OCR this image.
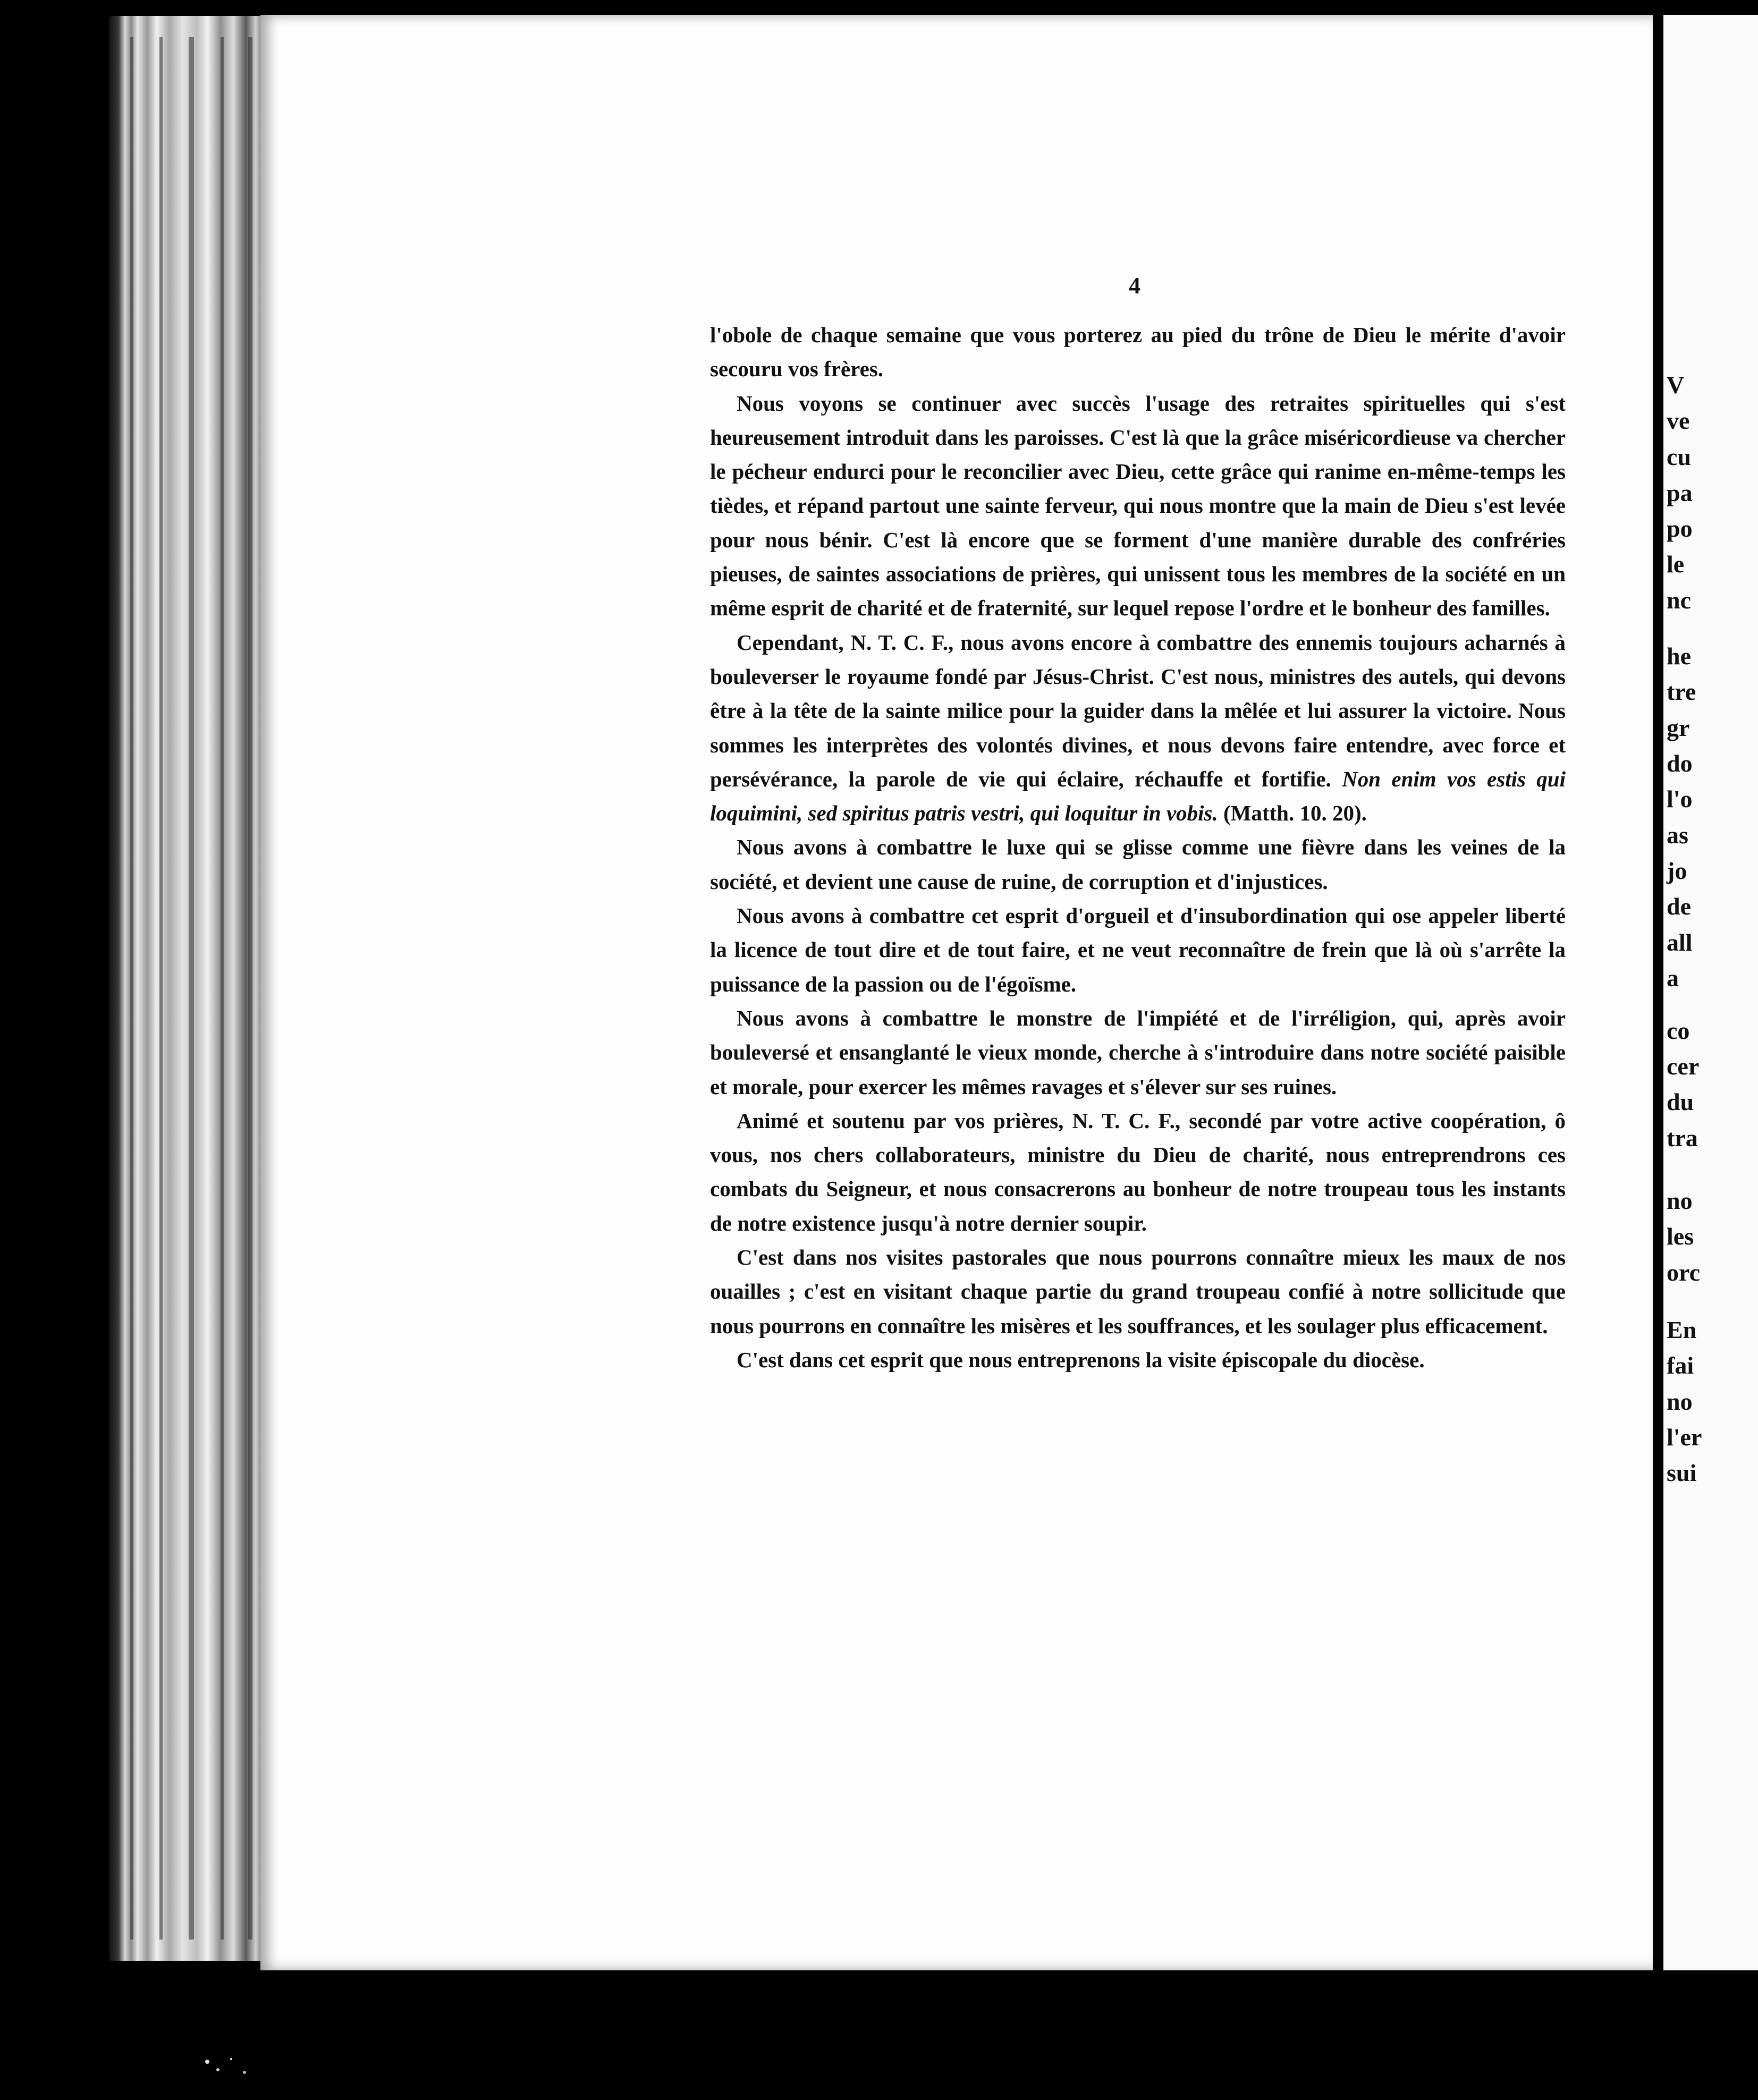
V
ve
cu
pa
po
le
nc
he
tre
gr
do
l'o
as
jo
de
all
a
co
cer
du
tra
no
les
orc
En
fai
no
l'er
sui
4

l'obole de chaque semaine que vous porterez au pied du trône de Dieu le mérite d'avoir secouru vos frères.

Nous voyons se continuer avec succès l'usage des retraites spirituelles qui s'est heureusement introduit dans les paroisses. C'est là que la grâce miséricordieuse va chercher le pécheur endurci pour le reconcilier avec Dieu, cette grâce qui ranime en-même-temps les tièdes, et répand partout une sainte ferveur, qui nous montre que la main de Dieu s'est levée pour nous bénir. C'est là encore que se forment d'une manière durable des confréries pieuses, de saintes associations de prières, qui unissent tous les membres de la société en un même esprit de charité et de fraternité, sur lequel repose l'ordre et le bonheur des familles.

Cependant, N. T. C. F., nous avons encore à combattre des ennemis toujours acharnés à bouleverser le royaume fondé par Jésus-Christ. C'est nous, ministres des autels, qui devons être à la tête de la sainte milice pour la guider dans la mêlée et lui assurer la victoire. Nous sommes les interprètes des volontés divines, et nous devons faire entendre, avec force et persévérance, la parole de vie qui éclaire, réchauffe et fortifie. Non enim vos estis qui loquimini, sed spiritus patris vestri, qui loquitur in vobis. (Matth. 10. 20).

Nous avons à combattre le luxe qui se glisse comme une fièvre dans les veines de la société, et devient une cause de ruine, de corruption et d'injustices.

Nous avons à combattre cet esprit d'orgueil et d'insubordination qui ose appeler liberté la licence de tout dire et de tout faire, et ne veut reconnaître de frein que là où s'arrête la puissance de la passion ou de l'égoïsme.

Nous avons à combattre le monstre de l'impiété et de l'irréligion, qui, après avoir bouleversé et ensanglanté le vieux monde, cherche à s'introduire dans notre société paisible et morale, pour exercer les mêmes ravages et s'élever sur ses ruines.

Animé et soutenu par vos prières, N. T. C. F., secondé par votre active coopération, ô vous, nos chers collaborateurs, ministre du Dieu de charité, nous entreprendrons ces combats du Seigneur, et nous consacrerons au bonheur de notre troupeau tous les instants de notre existence jusqu'à notre dernier soupir.

C'est dans nos visites pastorales que nous pourrons connaître mieux les maux de nos ouailles ; c'est en visitant chaque partie du grand troupeau confié à notre sollicitude que nous pourrons en connaître les misères et les souffrances, et les soulager plus efficacement.

C'est dans cet esprit que nous entreprenons la visite épiscopale du diocèse.
